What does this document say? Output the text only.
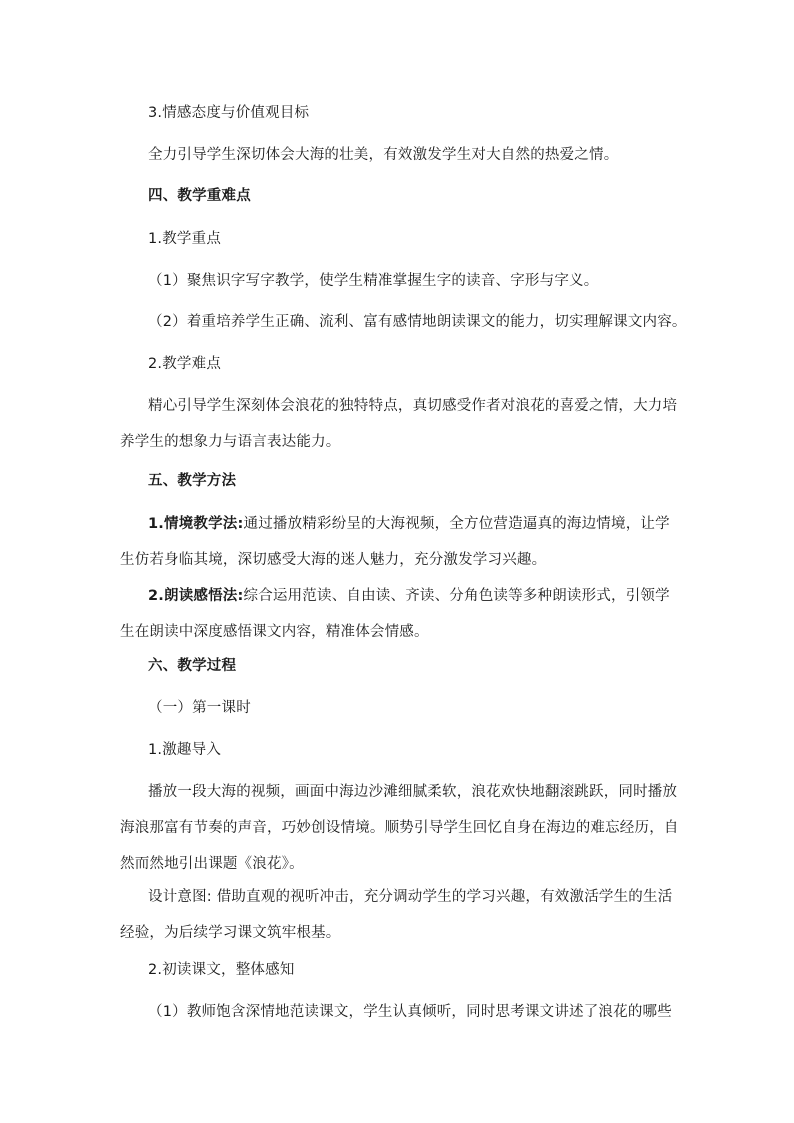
3.情感态度与价值观目标
全力引导学生深切体会大海的壮美，有效激发学生对大自然的热爱之情。
四、教学重难点
1.教学重点
（1）聚焦识字写字教学，使学生精准掌握生字的读音、字形与字义。
（2）着重培养学生正确、流利、富有感情地朗读课文的能力，切实理解课文内容。
2.教学难点
精心引导学生深刻体会浪花的独特特点，真切感受作者对浪花的喜爱之情，大力培养学生的想象力与语言表达能力。
五、教学方法
1.情境教学法:通过播放精彩纷呈的大海视频，全方位营造逼真的海边情境，让学生仿若身临其境，深切感受大海的迷人魅力，充分激发学习兴趣。
2.朗读感悟法:综合运用范读、自由读、齐读、分角色读等多种朗读形式，引领学生在朗读中深度感悟课文内容，精准体会情感。
六、教学过程
（一）第一课时
1.激趣导入
播放一段大海的视频，画面中海边沙滩细腻柔软，浪花欢快地翻滚跳跃，同时播放海浪那富有节奏的声音，巧妙创设情境。顺势引导学生回忆自身在海边的难忘经历，自然而然地引出课题《浪花》。
设计意图: 借助直观的视听冲击，充分调动学生的学习兴趣，有效激活学生的生活经验，为后续学习课文筑牢根基。
2.初读课文，整体感知
（1）教师饱含深情地范读课文，学生认真倾听，同时思考课文讲述了浪花的哪些
